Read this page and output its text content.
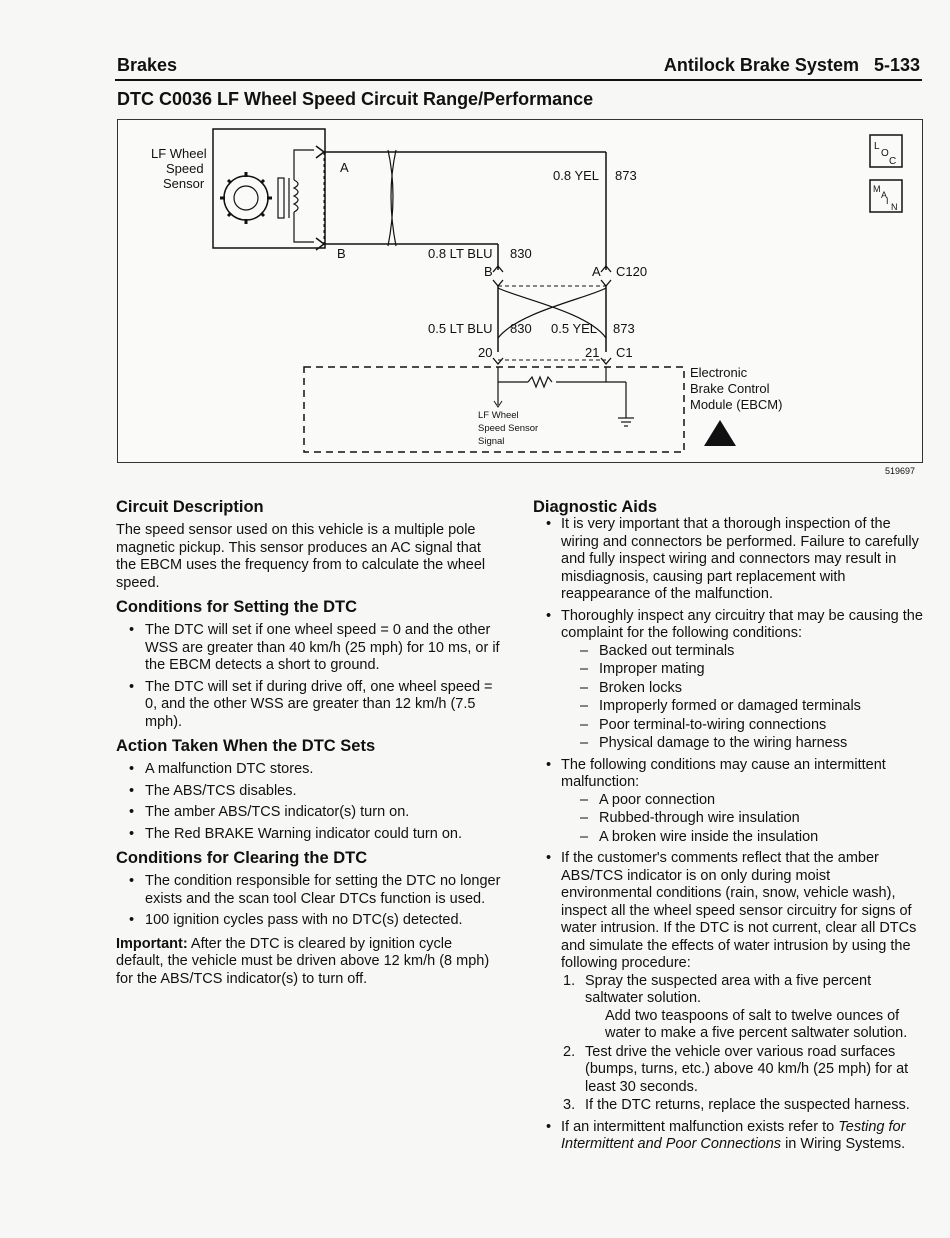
Brakes	Antilock Brake System   5-133
DTC C0036 LF Wheel Speed Circuit Range/Performance
L
O
C
M
A
I
N
LF Wheel
Speed
Sensor
A
B
0.8 YEL 873
0.8 LT BLU 830
B	A C120
0.5 LT BLU 830 0.5 YEL 873
20	21 C1
Electronic
Brake Control
Module (EBCM)
LF Wheel
Speed Sensor
Signal
519697
Circuit Description

The speed sensor used on this vehicle is a multiple pole magnetic pickup. This sensor produces an AC signal that the EBCM uses the frequency from to calculate the wheel speed.

Conditions for Setting the DTC
• The DTC will set if one wheel speed = 0 and the other WSS are greater than 40 km/h (25 mph) for 10 ms, or if the EBCM detects a short to ground.
• The DTC will set if during drive off, one wheel speed = 0, and the other WSS are greater than 12 km/h (7.5 mph).
Action Taken When the DTC Sets
• A malfunction DTC stores.
• The ABS/TCS disables.
• The amber ABS/TCS indicator(s) turn on.
• The Red BRAKE Warning indicator could turn on.
Conditions for Clearing the DTC
• The condition responsible for setting the DTC no longer exists and the scan tool Clear DTCs function is used.
• 100 ignition cycles pass with no DTC(s) detected.

Important: After the DTC is cleared by ignition cycle default, the vehicle must be driven above 12 km/h (8 mph) for the ABS/TCS indicator(s) to turn off.

Diagnostic Aids
• It is very important that a thorough inspection of the wiring and connectors be performed. Failure to carefully and fully inspect wiring and connectors may result in misdiagnosis, causing part replacement with reappearance of the malfunction.
• Thoroughly inspect any circuitry that may be causing the complaint for the following conditions:
– Backed out terminals
– Improper mating
– Broken locks
– Improperly formed or damaged terminals
– Poor terminal-to-wiring connections
– Physical damage to the wiring harness
• The following conditions may cause an intermittent malfunction:
– A poor connection
– Rubbed-through wire insulation
– A broken wire inside the insulation
• If the customer's comments reflect that the amber ABS/TCS indicator is on only during moist environmental conditions (rain, snow, vehicle wash), inspect all the wheel speed sensor circuitry for signs of water intrusion. If the DTC is not current, clear all DTCs and simulate the effects of water intrusion by using the following procedure:
1. Spray the suspected area with a five percent saltwater solution.
Add two teaspoons of salt to twelve ounces of water to make a five percent saltwater solution.
2. Test drive the vehicle over various road surfaces (bumps, turns, etc.) above 40 km/h (25 mph) for at least 30 seconds.
3. If the DTC returns, replace the suspected harness.
• If an intermittent malfunction exists refer to Testing for Intermittent and Poor Connections in Wiring Systems.
